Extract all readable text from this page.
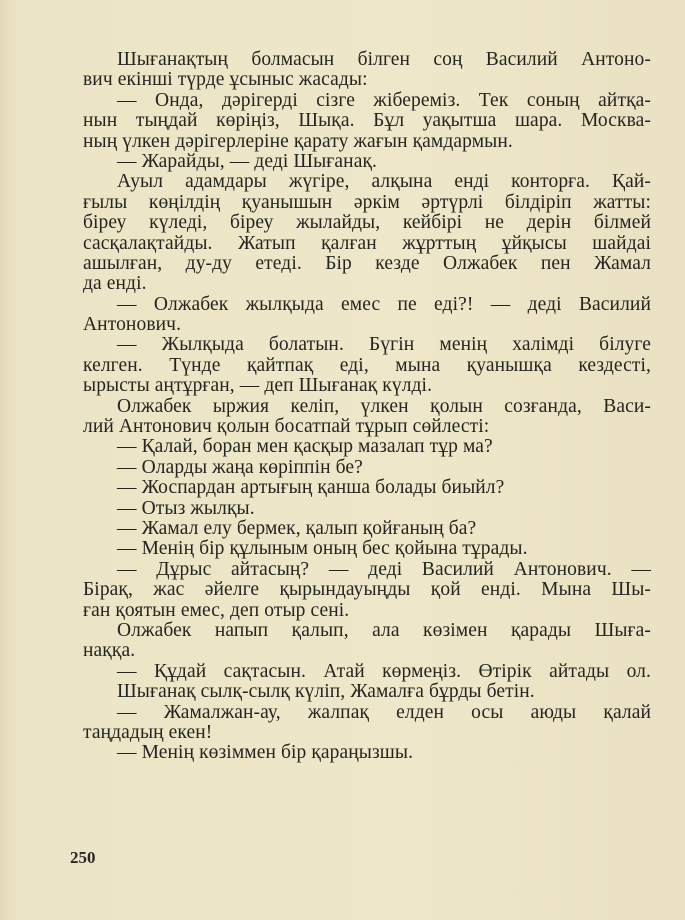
Шығанақтың болмасын білген соң Василий Антоно-
вич екінші түрде ұсыныс жасады:
— Онда, дәрігерді сізге жібереміз. Тек соның айтқа-
нын тыңдай көріңіз, Шықа. Бұл уақытша шара. Москва-
ның үлкен дәрігерлеріне қарату жағын қамдармын.
— Жарайды, — деді Шығанақ.
Ауыл адамдары жүгіре, алқына енді конторға. Қай-
ғылы көңілдің қуанышын әркім әртүрлі білдіріп жатты:
біреу күледі, біреу жылайды, кейбірі не дерін білмей
сасқалақтайды. Жатып қалған жұрттың ұйқысы шайдаі
ашылған, ду-ду етеді. Бір кезде Олжабек пен Жамал
да енді.
— Олжабек жылқыда емес пе еді?! — деді Василий
Антонович.
— Жылқыда болатын. Бүгін менің халімді білуге
келген. Түнде қайтпақ еді, мына қуанышқа кездесті,
ырысты аңтұрған, — деп Шығанақ күлді.
Олжабек ыржия келіп, үлкен қолын созғанда, Васи-
лий Антонович қолын босатпай тұрып сөйлесті:
— Қалай, боран мен қасқыр мазалап тұр ма?
— Оларды жаңа көріппін бе?
— Жоспардан артығың қанша болады биыйл?
— Отыз жылқы.
— Жамал елу бермек, қалып қойғаның ба?
— Менің бір құлыным оның бес қойына тұрады.
— Дұрыс айтасың? — деді Василий Антонович. —
Бірақ, жас әйелге қырындауыңды қой енді. Мына Шы-
ған қоятын емес, деп отыр сені.
Олжабек напып қалып, ала көзімен қарады Шыға-
наққа.
— Құдай сақтасын. Атай көрмеңіз. Өтірік айтады ол.
Шығанақ сылқ-сылқ күліп, Жамалға бұрды бетін.
— Жамалжан-ау, жалпақ елден осы аюды қалай
таңдадың екен!
— Менің көзіммен бір қараңызшы.
250
